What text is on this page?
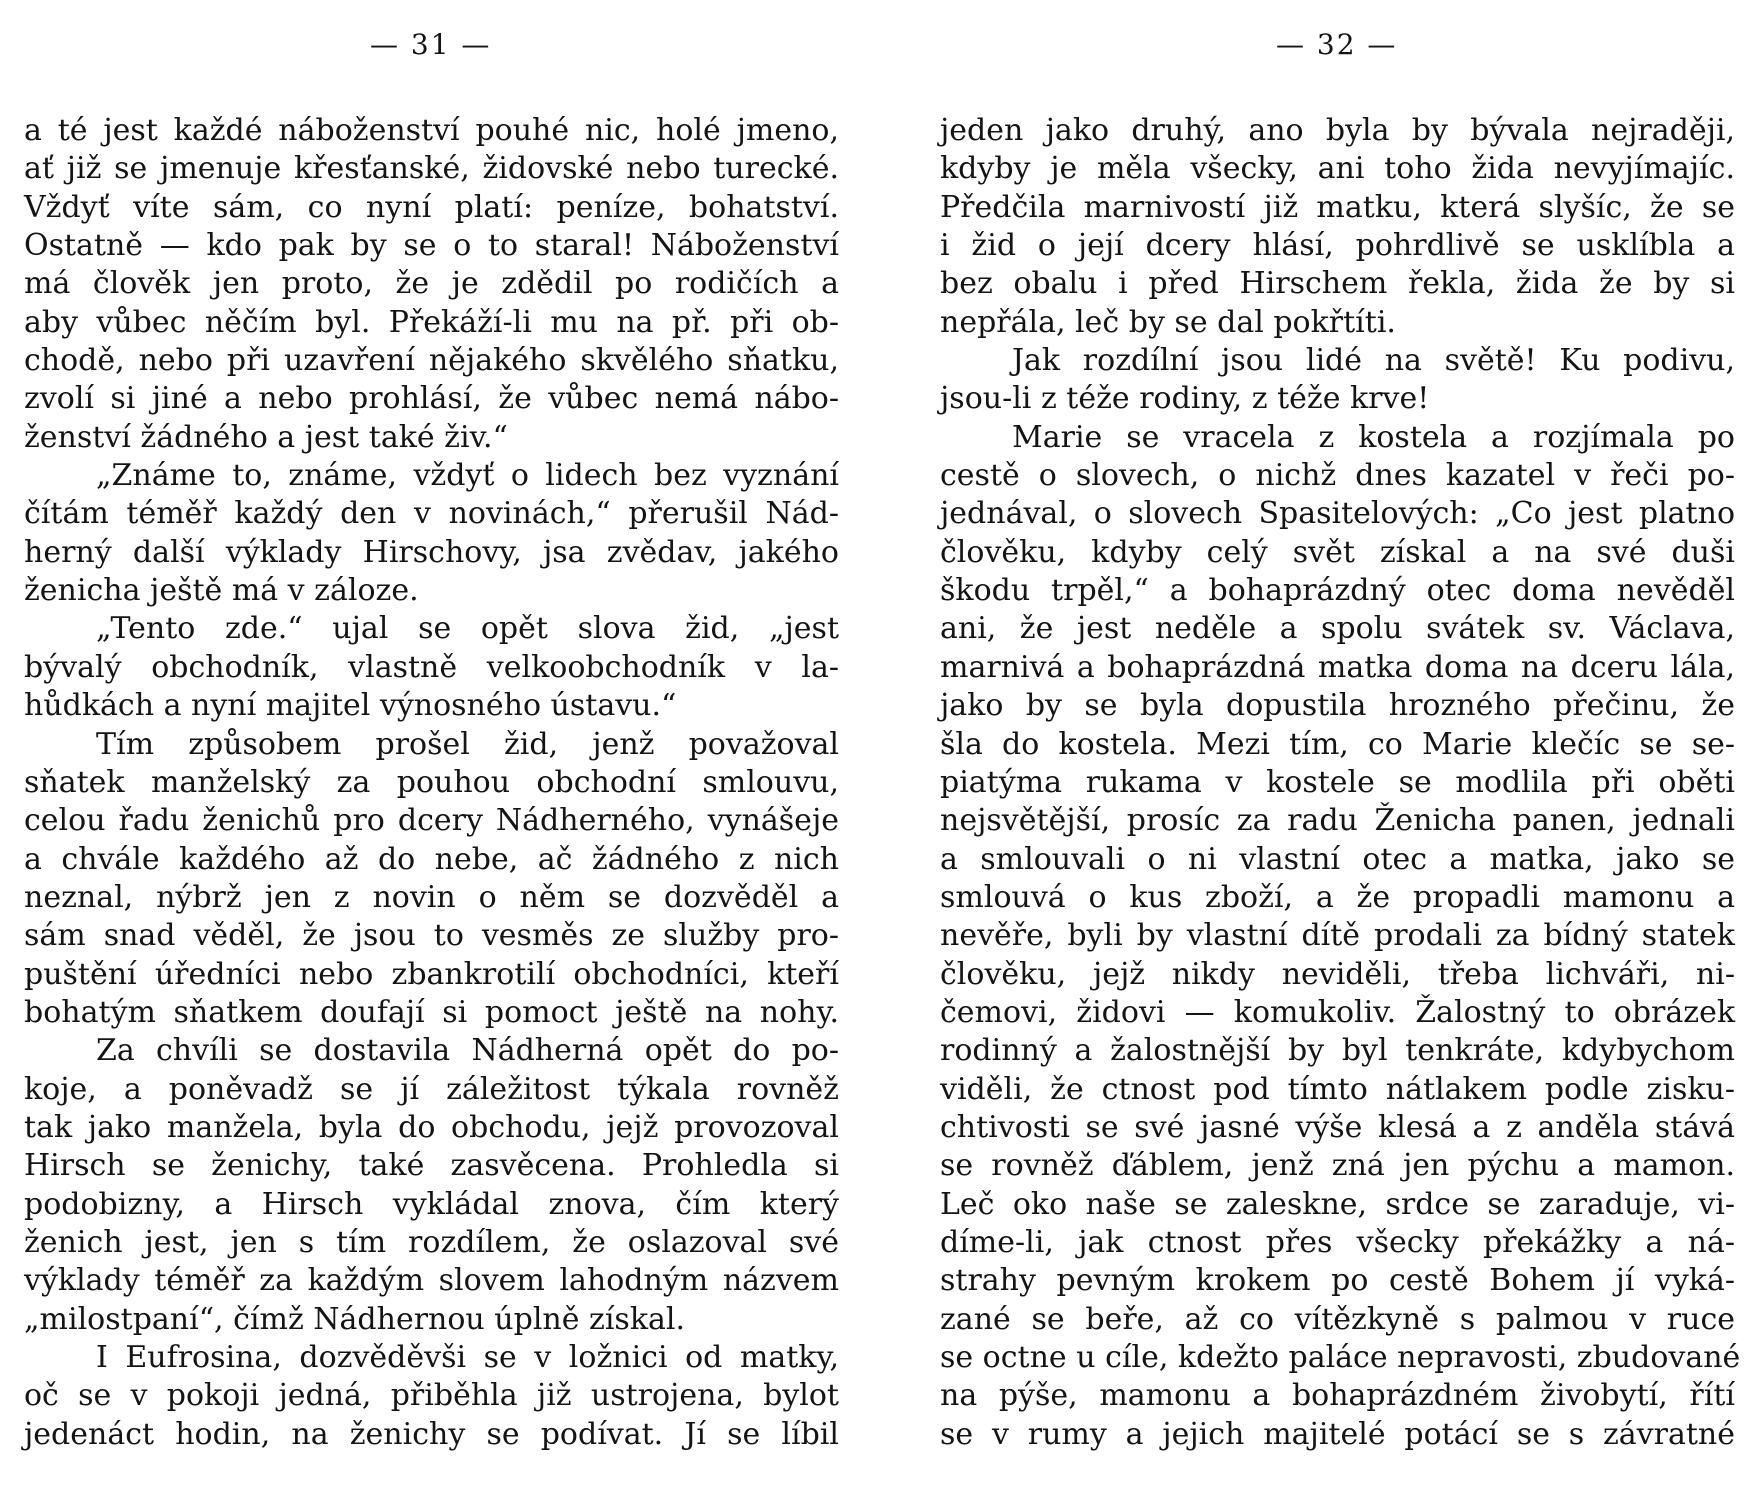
— 31 —
a té jest každé náboženství pouhé nic, holé jmeno,
ať již se jmenuje křesťanské, židovské nebo turecké.
Vždyť víte sám, co nyní platí: peníze, bohatství.
Ostatně — kdo pak by se o to staral! Náboženství
má člověk jen proto, že je zdědil po rodičích a
aby vůbec něčím byl. Překáží-li mu na př. při ob-
chodě, nebo při uzavření nějakého skvělého sňatku,
zvolí si jiné a nebo prohlásí, že vůbec nemá nábo-
ženství žádného a jest také živ.“
„Známe to, známe, vždyť o lidech bez vyznání
čítám téměř každý den v novinách,“ přerušil Nád-
herný další výklady Hirschovy, jsa zvědav, jakého
ženicha ještě má v záloze.
„Tento zde.“ ujal se opět slova žid, „jest
bývalý obchodník, vlastně velkoobchodník v la-
hůdkách a nyní majitel výnosného ústavu.“
Tím způsobem prošel žid, jenž považoval
sňatek manželský za pouhou obchodní smlouvu,
celou řadu ženichů pro dcery Nádherného, vynášeje
a chvále každého až do nebe, ač žádného z nich
neznal, nýbrž jen z novin o něm se dozvěděl a
sám snad věděl, že jsou to vesměs ze služby pro-
puštění úředníci nebo zbankrotilí obchodníci, kteří
bohatým sňatkem doufají si pomoct ještě na nohy.
Za chvíli se dostavila Nádherná opět do po-
koje, a poněvadž se jí záležitost týkala rovněž
tak jako manžela, byla do obchodu, jejž provozoval
Hirsch se ženichy, také zasvěcena. Prohledla si
podobizny, a Hirsch vykládal znova, čím který
ženich jest, jen s tím rozdílem, že oslazoval své
výklady téměř za každým slovem lahodným názvem
„milostpaní“, čímž Nádhernou úplně získal.
I Eufrosina, dozvěděvši se v ložnici od matky,
oč se v pokoji jedná, přiběhla již ustrojena, bylot
jedenáct hodin, na ženichy se podívat. Jí se líbil
— 32 —
jeden jako druhý, ano byla by bývala nejraději,
kdyby je měla všecky, ani toho žida nevyjímajíc.
Předčila marnivostí již matku, která slyšíc, že se
i žid o její dcery hlásí, pohrdlivě se usklíbla a
bez obalu i před Hirschem řekla, žida že by si
nepřála, leč by se dal pokřtíti.
Jak rozdílní jsou lidé na světě! Ku podivu,
jsou-li z téže rodiny, z téže krve!
Marie se vracela z kostela a rozjímala po
cestě o slovech, o nichž dnes kazatel v řeči po-
jednával, o slovech Spasitelových: „Co jest platno
člověku, kdyby celý svět získal a na své duši
škodu trpěl,“ a bohaprázdný otec doma nevěděl
ani, že jest neděle a spolu svátek sv. Václava,
marnivá a bohaprázdná matka doma na dceru lála,
jako by se byla dopustila hrozného přečinu, že
šla do kostela. Mezi tím, co Marie klečíc se se-
piatýma rukama v kostele se modlila při oběti
nejsvětější, prosíc za radu Ženicha panen, jednali
a smlouvali o ni vlastní otec a matka, jako se
smlouvá o kus zboží, a že propadli mamonu a
nevěře, byli by vlastní dítě prodali za bídný statek
člověku, jejž nikdy neviděli, třeba lichváři, ni-
čemovi, židovi — komukoliv. Žalostný to obrázek
rodinný a žalostnější by byl tenkráte, kdybychom
viděli, že ctnost pod tímto nátlakem podle zisku-
chtivosti se své jasné výše klesá a z anděla stává
se rovněž ďáblem, jenž zná jen pýchu a mamon.
Leč oko naše se zaleskne, srdce se zaraduje, vi-
díme-li, jak ctnost přes všecky překážky a ná-
strahy pevným krokem po cestě Bohem jí vyká-
zané se beře, až co vítězkyně s palmou v ruce
se octne u cíle, kdežto paláce nepravosti, zbudované
na pýše, mamonu a bohaprázdném živobytí, řítí
se v rumy a jejich majitelé potácí se s závratné
